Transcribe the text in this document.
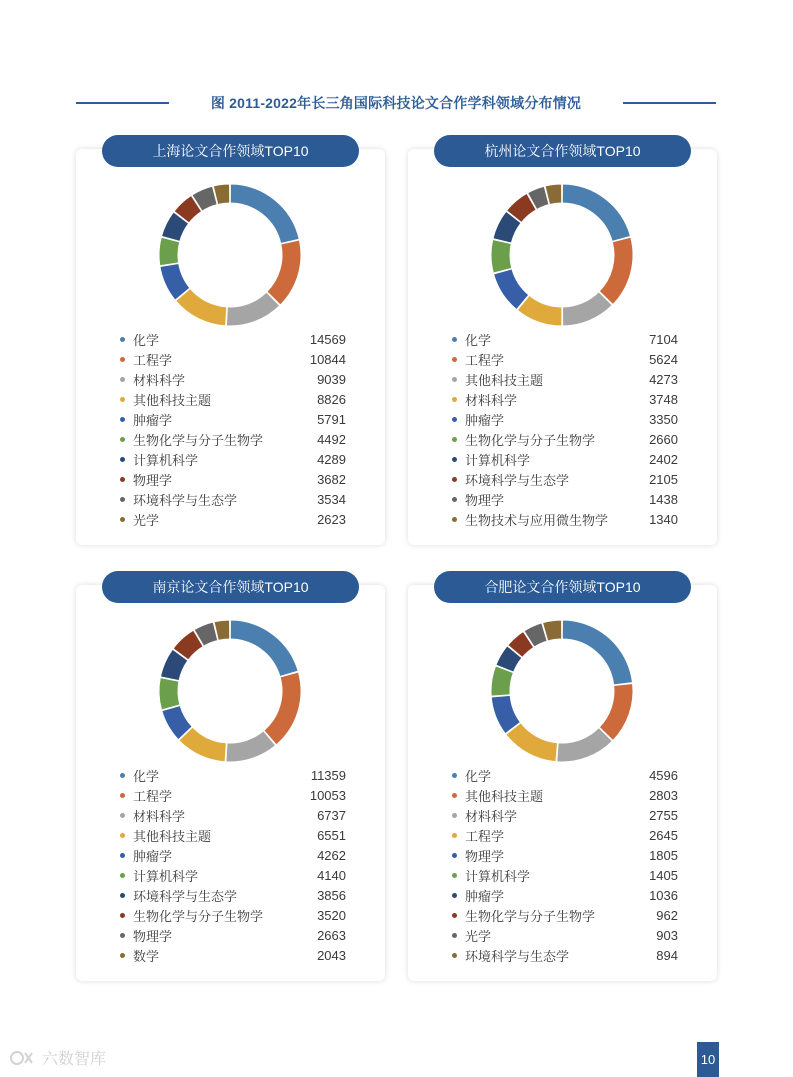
图 2011-2022年长三角国际科技论文合作学科领域分布情况
上海论文合作领域TOP10
化学	14569
工程学	10844
材料科学	9039
其他科技主题	8826
肿瘤学	5791
生物化学与分子生物学	4492
计算机科学	4289
物理学	3682
环境科学与生态学	3534
光学	2623
杭州论文合作领域TOP10
化学	7104
工程学	5624
其他科技主题	4273
材料科学	3748
肿瘤学	3350
生物化学与分子生物学	2660
计算机科学	2402
环境科学与生态学	2105
物理学	1438
生物技术与应用微生物学	1340
南京论文合作领域TOP10
化学	11359
工程学	10053
材料科学	6737
其他科技主题	6551
肿瘤学	4262
计算机科学	4140
环境科学与生态学	3856
生物化学与分子生物学	3520
物理学	2663
数学	2043
合肥论文合作领域TOP10
化学	4596
其他科技主题	2803
材料科学	2755
工程学	2645
物理学	1805
计算机科学	1405
肿瘤学	1036
生物化学与分子生物学	962
光学	903
环境科学与生态学	894
六数智库	10
